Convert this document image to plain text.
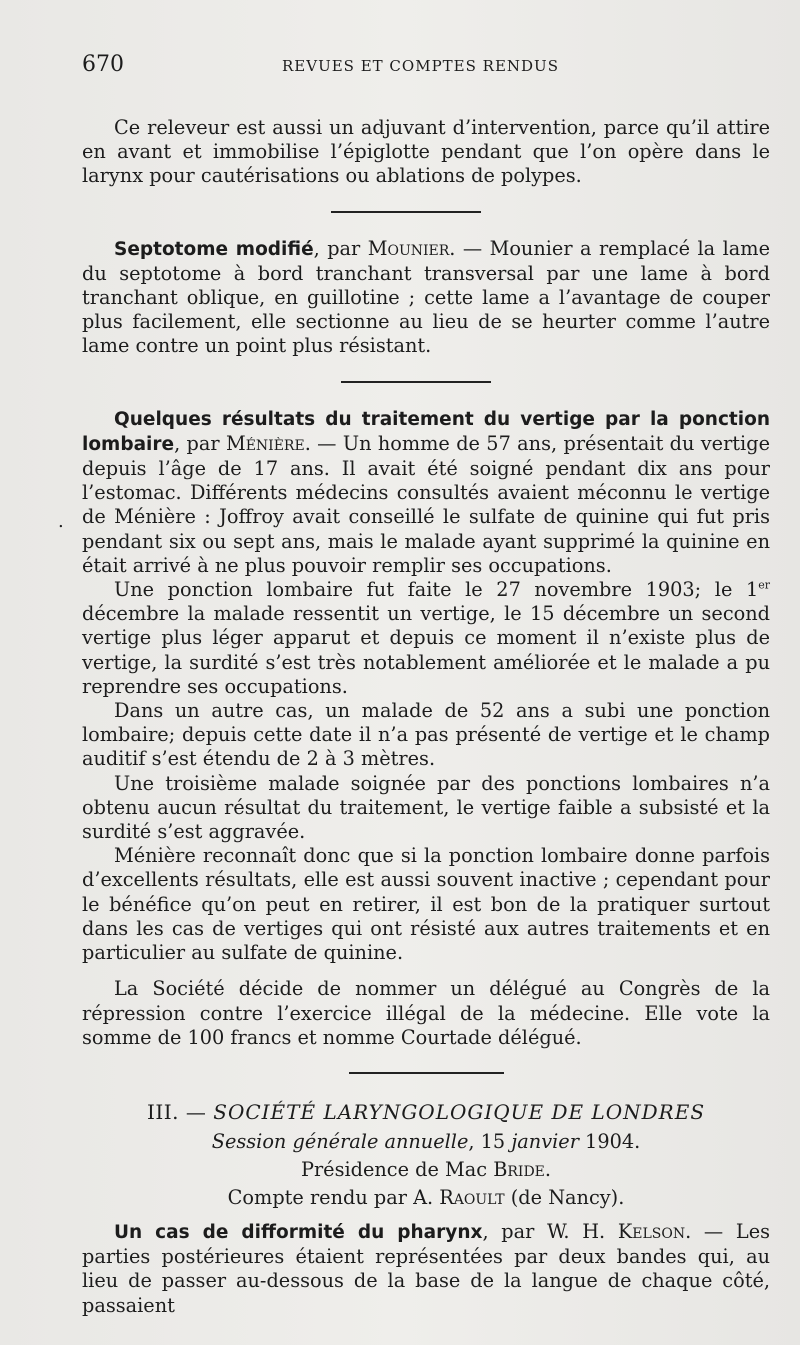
670	REVUES ET COMPTES RENDUS
.

Ce releveur est aussi un adjuvant d’intervention, parce qu’il attire en avant et immobilise l’épiglotte pendant que l’on opère dans le larynx pour cautérisations ou ablations de polypes.

Septotome modifié, par Mounier. — Mounier a remplacé la lame du septotome à bord tranchant transversal par une lame à bord tranchant oblique, en guillotine ; cette lame a l’avantage de couper plus facilement, elle sectionne au lieu de se heurter comme l’autre lame contre un point plus résistant.

Quelques résultats du traitement du vertige par la ponction lombaire, par Ménière. — Un homme de 57 ans, présentait du vertige depuis l’âge de 17 ans. Il avait été soigné pendant dix ans pour l’estomac. Différents médecins consultés avaient méconnu le vertige de Ménière : Joffroy avait conseillé le sulfate de quinine qui fut pris pendant six ou sept ans, mais le malade ayant supprimé la quinine en était arrivé à ne plus pouvoir remplir ses occupations.

Une ponction lombaire fut faite le 27 novembre 1903; le 1er décembre la malade ressentit un vertige, le 15 décembre un second vertige plus léger apparut et depuis ce moment il n’existe plus de vertige, la surdité s’est très notablement améliorée et le malade a pu reprendre ses occupations.

Dans un autre cas, un malade de 52 ans a subi une ponction lombaire; depuis cette date il n’a pas présenté de vertige et le champ auditif s’est étendu de 2 à 3 mètres.

Une troisième malade soignée par des ponctions lombaires n’a obtenu aucun résultat du traitement, le vertige faible a subsisté et la surdité s’est aggravée.

Ménière reconnaît donc que si la ponction lombaire donne parfois d’excellents résultats, elle est aussi souvent inactive ; cependant pour le bénéfice qu’on peut en retirer, il est bon de la pratiquer surtout dans les cas de vertiges qui ont résisté aux autres traitements et en particulier au sulfate de quinine.

La Société décide de nommer un délégué au Congrès de la répression contre l’exercice illégal de la médecine. Elle vote la somme de 100 francs et nomme Courtade délégué.

III. — SOCIÉTÉ LARYNGOLOGIQUE DE LONDRES
Session générale annuelle, 15 janvier 1904.
Présidence de Mac Bride.
Compte rendu par A. Raoult (de Nancy).

Un cas de difformité du pharynx, par W. H. Kelson. — Les parties postérieures étaient représentées par deux bandes qui, au lieu de passer au-dessous de la base de la langue de chaque côté, passaient
